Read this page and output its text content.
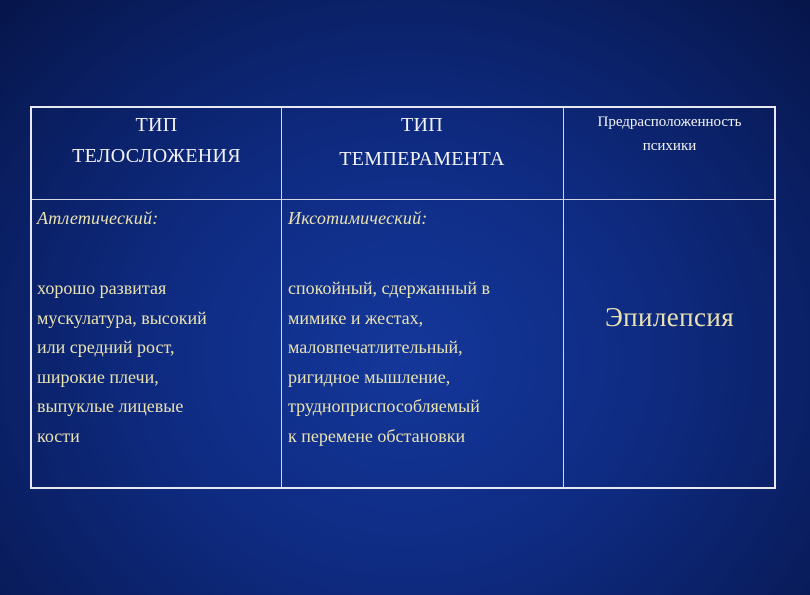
ТИП
ТЕЛОСЛОЖЕНИЯ
ТИП
ТЕМПЕРАМЕНТА
Предрасположенность
психики
Атлетический:
хорошо развитая
мускулатура, высокий
или средний рост,
широкие плечи,
выпуклые лицевые
кости
Иксотимический:
спокойный, сдержанный в
мимике и жестах,
маловпечатлительный,
ригидное мышление,
трудноприспособляемый
к перемене обстановки
Эпилепсия
